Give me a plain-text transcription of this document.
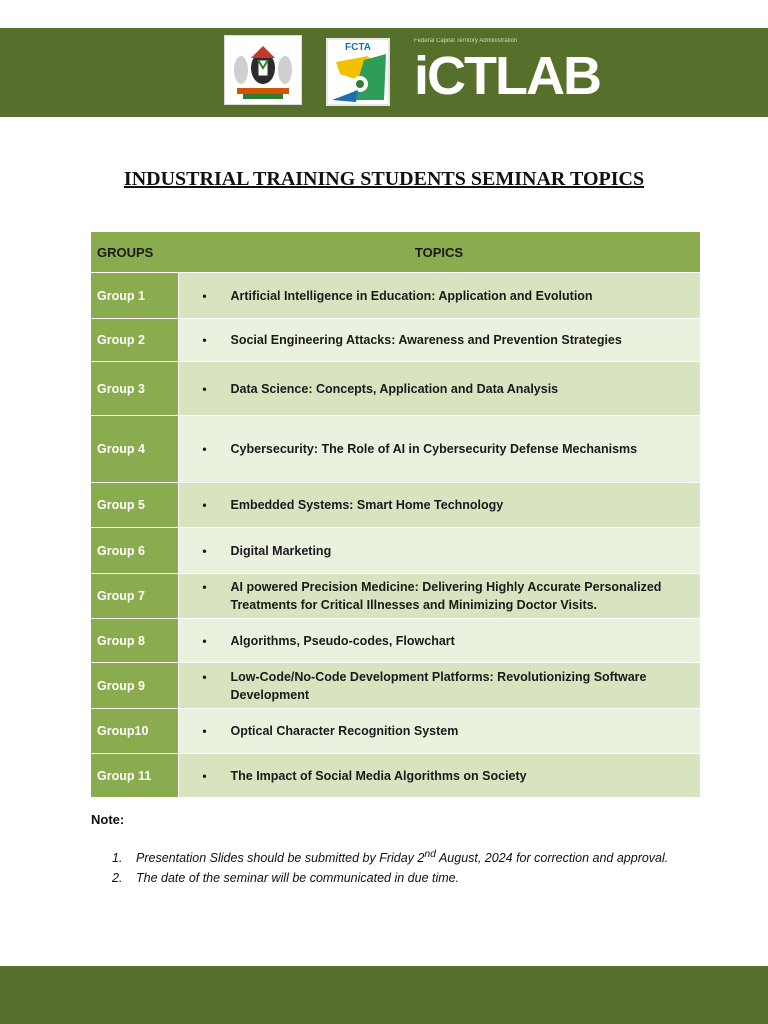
FCTA
Federal Capital Territory Administration
iCTLAB
INDUSTRIAL TRAINING STUDENTS SEMINAR TOPICS
GROUPS	TOPICS
Group 1	• Artificial Intelligence in Education: Application and Evolution

Group 2	• Social Engineering Attacks: Awareness and Prevention Strategies

Group 3	• Data Science: Concepts, Application and Data Analysis

Group 4	• Cybersecurity: The Role of AI in Cybersecurity Defense Mechanisms

Group 5	• Embedded Systems: Smart Home Technology

Group 6	• Digital Marketing

Group 7	• AI powered Precision Medicine: Delivering Highly Accurate Personalized Treatments for Critical Illnesses and Minimizing Doctor Visits.

Group 8	• Algorithms, Pseudo-codes, Flowchart

Group 9	• Low-Code/No-Code Development Platforms: Revolutionizing Software Development

Group10	• Optical Character Recognition System

Group 11	• The Impact of Social Media Algorithms on Society
Note:
1. Presentation Slides should be submitted by Friday 2nd August, 2024 for correction and approval.
2. The date of the seminar will be communicated in due time.
